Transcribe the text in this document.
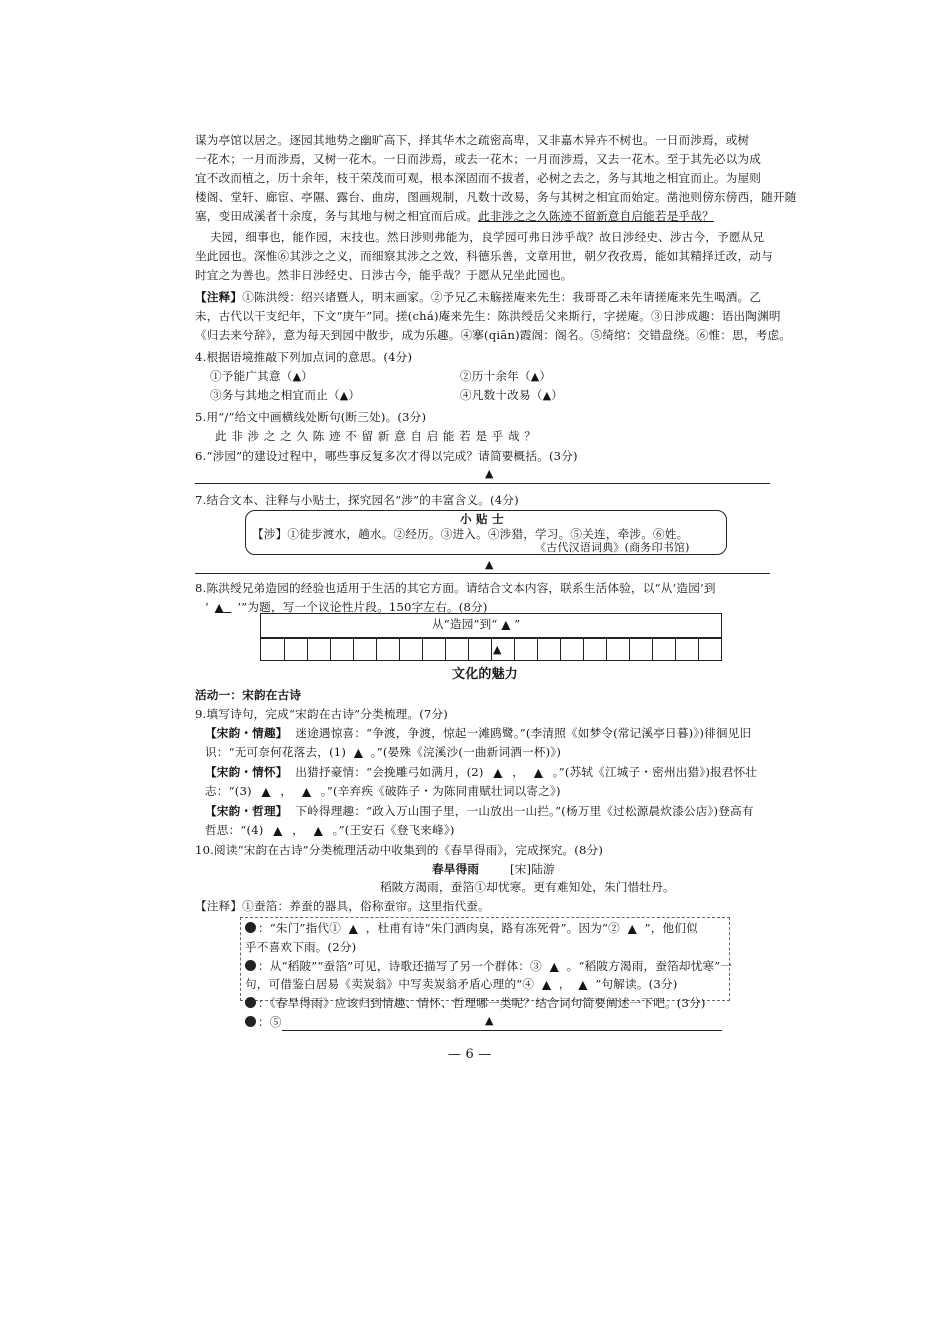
谋为亭馆以居之。逐园其地势之幽旷高下，择其华木之疏密高卑，又非嘉木异卉不树也。一日而涉焉，或树
一花木；一月而涉焉，又树一花木。一日而涉焉，或去一花木；一月而涉焉，又去一花木。至于其先必以为成
宜不改而植之，历十余年，枝干荣茂而可观，根本深固而不拔者，必树之去之，务与其地之相宜而止。为屋则
楼阁、堂轩、廊宦、亭隰、露台、曲房，图画规制，凡数十改易，务与其树之相宜而始定。凿池则傍东傍西，随开随
塞，变田成溪者十余度，务与其地与树之相宜而后成。此非涉之之久陈迹不留新意自启能若是乎哉？
夫园，细事也，能作园，末技也。然日涉则弗能为，良学园可弗日涉乎哉？故日涉经史、涉古今，予愿从兄
坐此园也。深惟⑥其涉之之义，而细察其涉之之效，科德乐善，文章用世，朝夕孜孜焉，能如其精择迁改，动与
时宜之为善也。然非日涉经史、日涉古今，能乎哉？于愿从兄坐此园也。
【注释】①陈洪绶：绍兴诸暨人，明末画家。②予兄乙未觞搓庵来先生：我哥哥乙未年请搓庵来先生喝酒。乙
未，古代以干支纪年，下文“庚午”同。搓(chá)庵来先生：陈洪绶岳父来斯行，字搓庵。③日涉成趣：语出陶渊明
《归去来兮辞》，意为每天到园中散步，成为乐趣。④搴(qiān)霞阁：阁名。⑤绮绾：交错盘绕。⑥惟：思，考虑。
4.根据语境推敲下列加点词的意思。(4分)
①予能广其意（▲）	②历十余年（▲）
③务与其地之相宜而止（▲）	④凡数十改易（▲）
5.用“/”给文中画横线处断句(断三处)。(3分)
此 非 涉 之 之 久 陈 迹 不 留 新 意 自 启 能 若 是 乎 哉 ？
6.“涉园”的建设过程中，哪些事反复多次才得以完成？请简要概括。(3分)
▲
7.结合文本、注释与小贴士，探究园名“涉”的丰富含义。(4分)
小 贴 士
【涉】①徒步渡水，趟水。②经历。③进入。④涉猎，学习。⑤关连，牵涉。⑥姓。
《古代汉语词典》(商务印书馆)
▲
8.陈洪绶兄弟造园的经验也适用于生活的其它方面。请结合文本内容，联系生活体验，以“从‘造园’到
‘ ▲ ’”为题，写一个议论性片段。150字左右。(8分)
从“造园”到“ ▲ ”
▲
文化的魅力
活动一：宋韵在古诗
9.填写诗句，完成“宋韵在古诗”分类梳理。(7分)
【宋韵・情趣】 迷途遇惊喜：“争渡，争渡，惊起一滩鸥鹭。”(李清照《如梦令(常记溪亭日暮)》)徘徊见旧
识：“无可奈何花落去，(1) ▲ 。”(晏殊《浣溪沙(一曲新词酒一杯)》)
【宋韵・情怀】 出猎抒豪情：“会挽雕弓如满月，(2) ▲ ， ▲ 。”(苏轼《江城子・密州出猎》)报君怀壮
志：“(3) ▲ ， ▲ 。”(辛弃疾《破阵子・为陈同甫赋壮词以寄之》)
【宋韵・哲理】 下岭得理趣：“政入万山围子里，一山放出一山拦。”(杨万里《过松源晨炊漆公店》)登高有
哲思：“(4) ▲ ， ▲ 。”(王安石《登飞来峰》)
10.阅读“宋韵在古诗”分类梳理活动中收集到的《春旱得雨》，完成探究。(8分)
春旱得雨	[宋]陆游
稻陂方渴雨，蚕箔①却忧寒。更有难知处，朱门惜牡丹。
【注释】①蚕箔：养蚕的器具，俗称蚕帘。这里指代蚕。
：“朱门”指代① ▲ ，杜甫有诗“朱门酒肉臭，路有冻死骨”。因为“② ▲ ”，他们似
乎不喜欢下雨。(2分)
：从“稻陂”“蚕箔”可见，诗歌还描写了另一个群体：③ ▲ 。“稻陂方渴雨，蚕箔却忧寒”一
句，可借鉴白居易《卖炭翁》中写卖炭翁矛盾心理的“④ ▲ ， ▲ ”句解读。(3分)
：《春旱得雨》应该归到情趣、情怀、哲理哪一类呢？结合词句简要阐述一下吧。(3分)
：⑤	▲
— 6 —
